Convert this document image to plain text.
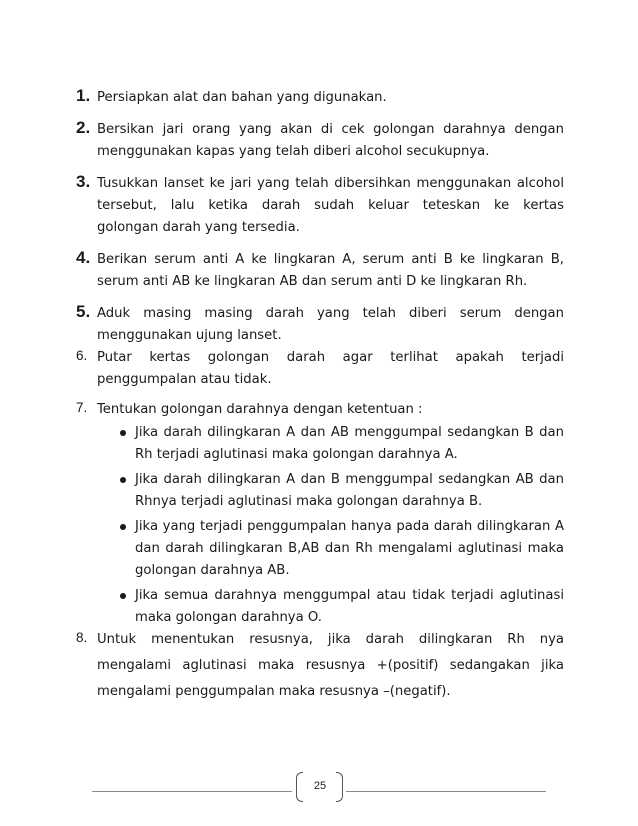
1. Persiapkan alat dan bahan yang digunakan.
2. Bersikan jari orang yang akan di cek golongan darahnya dengan
menggunakan kapas yang telah diberi alcohol secukupnya.
3. Tusukkan lanset ke jari yang telah dibersihkan menggunakan alcohol
tersebut, lalu ketika darah sudah keluar teteskan ke kertas
golongan darah yang tersedia.
4. Berikan serum anti A ke lingkaran A, serum anti B ke lingkaran B,
serum anti AB ke lingkaran AB dan serum anti D ke lingkaran Rh.
5. Aduk masing masing darah yang telah diberi serum dengan
menggunakan ujung lanset.
6. Putar kertas golongan darah agar terlihat apakah terjadi
penggumpalan atau tidak.
7. Tentukan golongan darahnya dengan ketentuan :
Jika darah dilingkaran A dan AB menggumpal sedangkan B dan
Rh terjadi aglutinasi maka golongan darahnya A.
Jika darah dilingkaran A dan B menggumpal sedangkan AB dan
Rhnya terjadi aglutinasi maka golongan darahnya B.
Jika yang terjadi penggumpalan hanya pada darah dilingkaran A
dan darah dilingkaran B,AB dan Rh mengalami aglutinasi maka
golongan darahnya AB.
Jika semua darahnya menggumpal atau tidak terjadi aglutinasi
maka golongan darahnya O.
8. Untuk menentukan resusnya, jika darah dilingkaran Rh nya
mengalami aglutinasi maka resusnya +(positif) sedangakan jika
mengalami penggumpalan maka resusnya –(negatif).
25
